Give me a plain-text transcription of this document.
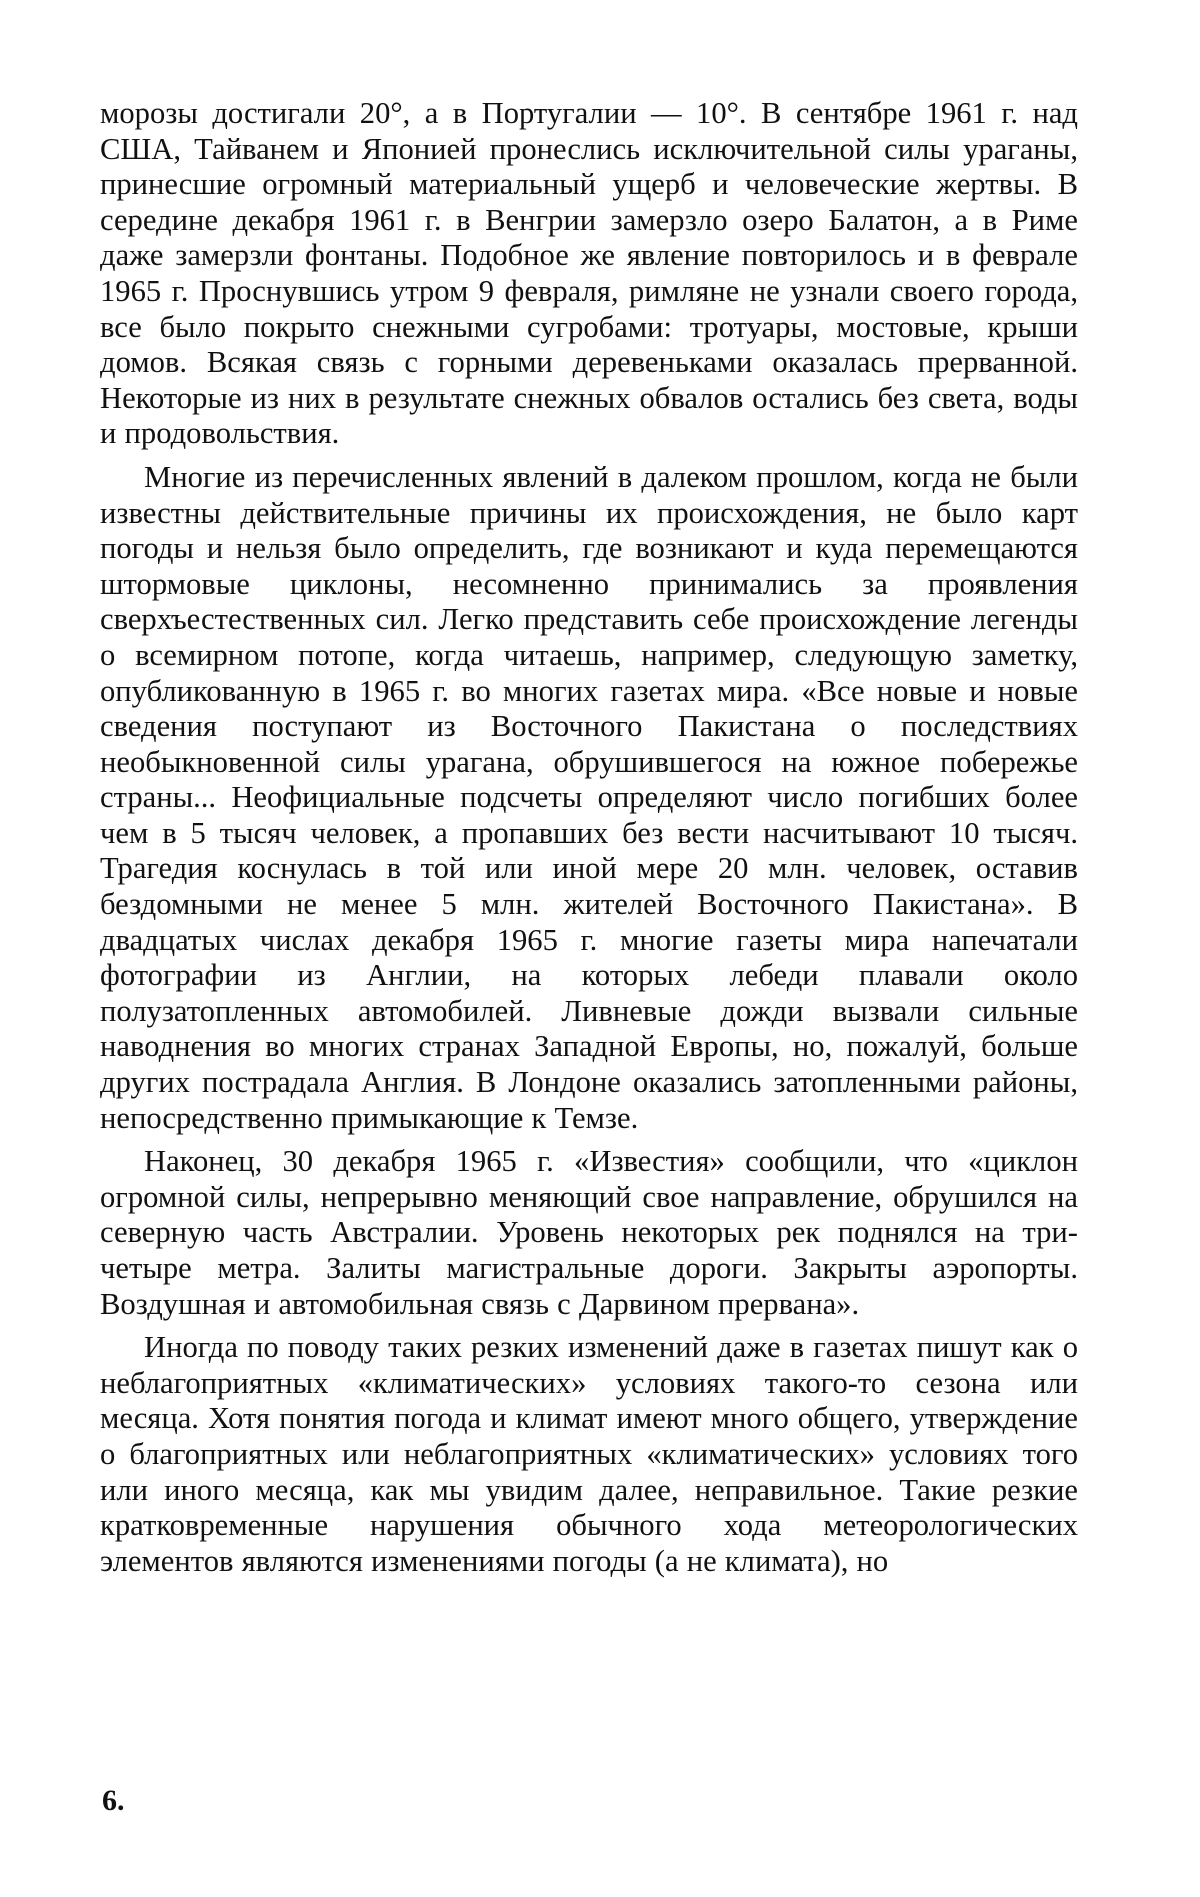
морозы достигали 20°, а в Португалии — 10°. В сентябре 1961 г. над США, Тайванем и Японией пронеслись исключительной силы ураганы, принесшие огромный материальный ущерб и человеческие жертвы. В середине декабря 1961 г. в Венгрии замерзло озеро Балатон, а в Риме даже замерзли фонтаны. Подобное же явление повторилось и в феврале 1965 г. Проснувшись утром 9 февраля, римляне не узнали своего города, все было покрыто снежными сугробами: тротуары, мостовые, крыши домов. Всякая связь с горными деревеньками оказалась прерванной. Некоторые из них в результате снежных обвалов остались без света, воды и продовольствия.

Многие из перечисленных явлений в далеком прошлом, когда не были известны действительные причины их происхождения, не было карт погоды и нельзя было определить, где возникают и куда перемещаются штормовые циклоны, несомненно принимались за проявления сверхъестественных сил. Легко представить себе происхождение легенды о всемирном потопе, когда читаешь, например, следующую заметку, опубликованную в 1965 г. во многих газетах мира. «Все новые и новые сведения поступают из Восточного Пакистана о последствиях необыкновенной силы урагана, обрушившегося на южное побережье страны... Неофициальные подсчеты определяют число погибших более чем в 5 тысяч человек, а пропавших без вести насчитывают 10 тысяч. Трагедия коснулась в той или иной мере 20 млн. человек, оставив бездомными не менее 5 млн. жителей Восточного Пакистана». В двадцатых числах декабря 1965 г. многие газеты мира напечатали фотографии из Англии, на которых лебеди плавали около полузатопленных автомобилей. Ливневые дожди вызвали сильные наводнения во многих странах Западной Европы, но, пожалуй, больше других пострадала Англия. В Лондоне оказались затопленными районы, непосредственно примыкающие к Темзе.

Наконец, 30 декабря 1965 г. «Известия» сообщили, что «циклон огромной силы, непрерывно меняющий свое направление, обрушился на северную часть Австралии. Уровень некоторых рек поднялся на три-четыре метра. Залиты магистральные дороги. Закрыты аэропорты. Воздушная и автомобильная связь с Дарвином прервана».

Иногда по поводу таких резких изменений даже в газетах пишут как о неблагоприятных «климатических» условиях такого-то сезона или месяца. Хотя понятия погода и климат имеют много общего, утверждение о благоприятных или неблагоприятных «климатических» условиях того или иного месяца, как мы увидим далее, неправильное. Такие резкие кратковременные нарушения обычного хода метеорологических элементов являются изменениями погоды (а не климата), но

6.
